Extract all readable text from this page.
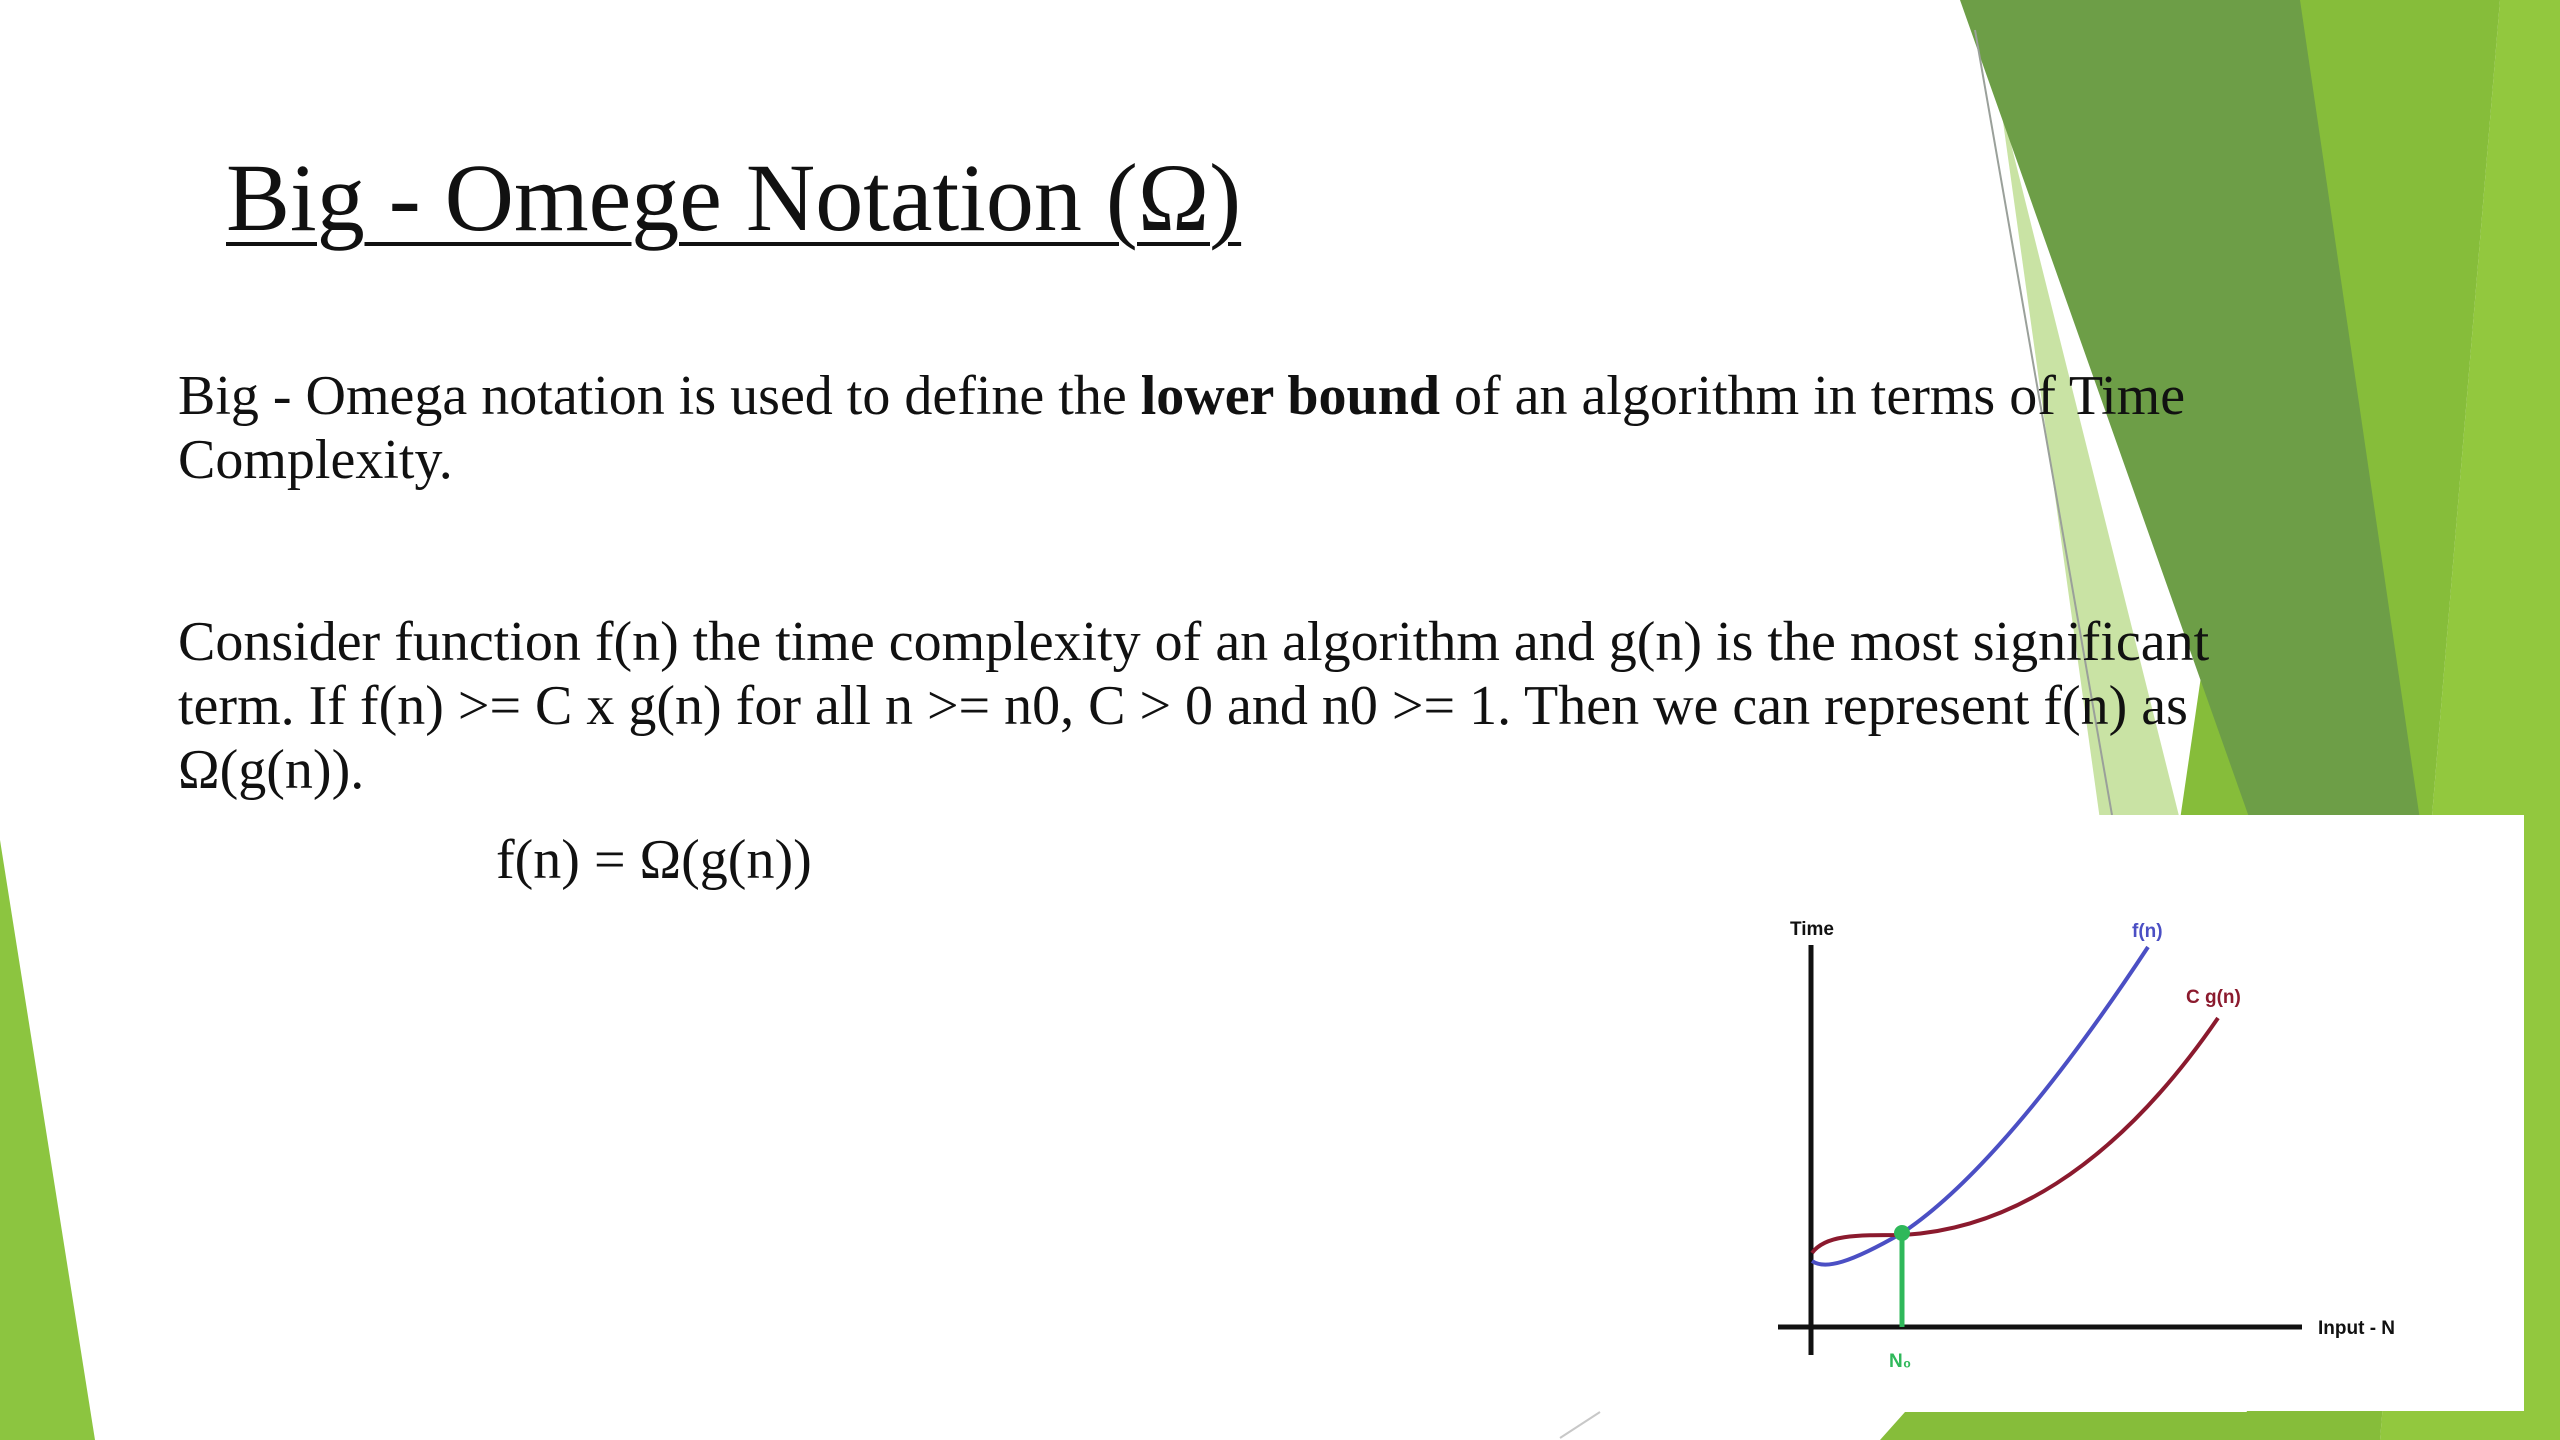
Big - Omege Notation (Ω)

Big - Omega notation is used to define the lower bound of an algorithm in terms of Time Complexity.

Consider function f(n) the time complexity of an algorithm and g(n) is the most significant term. If f(n) >= C x g(n) for all n >= n0, C > 0 and n0 >= 1. Then we can represent f(n) as Ω(g(n)).

f(n) = Ω(g(n))

Time
Input - N
f(n)
C g(n)
N₀
